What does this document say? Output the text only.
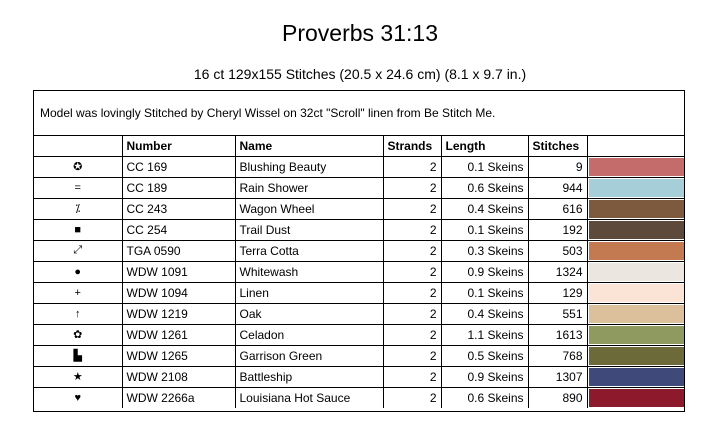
Proverbs 31:13
16 ct 129x155 Stitches (20.5 x 24.6 cm) (8.1 x 9.7 in.)
Model was lovingly Stitched by Cheryl Wissel on 32ct "Scroll" linen from Be Stitch Me.
	Number	Name	Strands	Length	Stitches	
✪	CC 169	Blushing Beauty	2	0.1 Skeins	9	

=	CC 189	Rain Shower	2	0.6 Skeins	944	

⁒	CC 243	Wagon Wheel	2	0.4 Skeins	616	

■	CC 254	Trail Dust	2	0.1 Skeins	192	

⤢	TGA 0590	Terra Cotta	2	0.3 Skeins	503	

●	WDW 1091	Whitewash	2	0.9 Skeins	1324	

+	WDW 1094	Linen	2	0.1 Skeins	129	

↑	WDW 1219	Oak	2	0.4 Skeins	551	

✿	WDW 1261	Celadon	2	1.1 Skeins	1613	

▙	WDW 1265	Garrison Green	2	0.5 Skeins	768	

★	WDW 2108	Battleship	2	0.9 Skeins	1307	

♥	WDW 2266a	Louisiana Hot Sauce	2	0.6 Skeins	890	
